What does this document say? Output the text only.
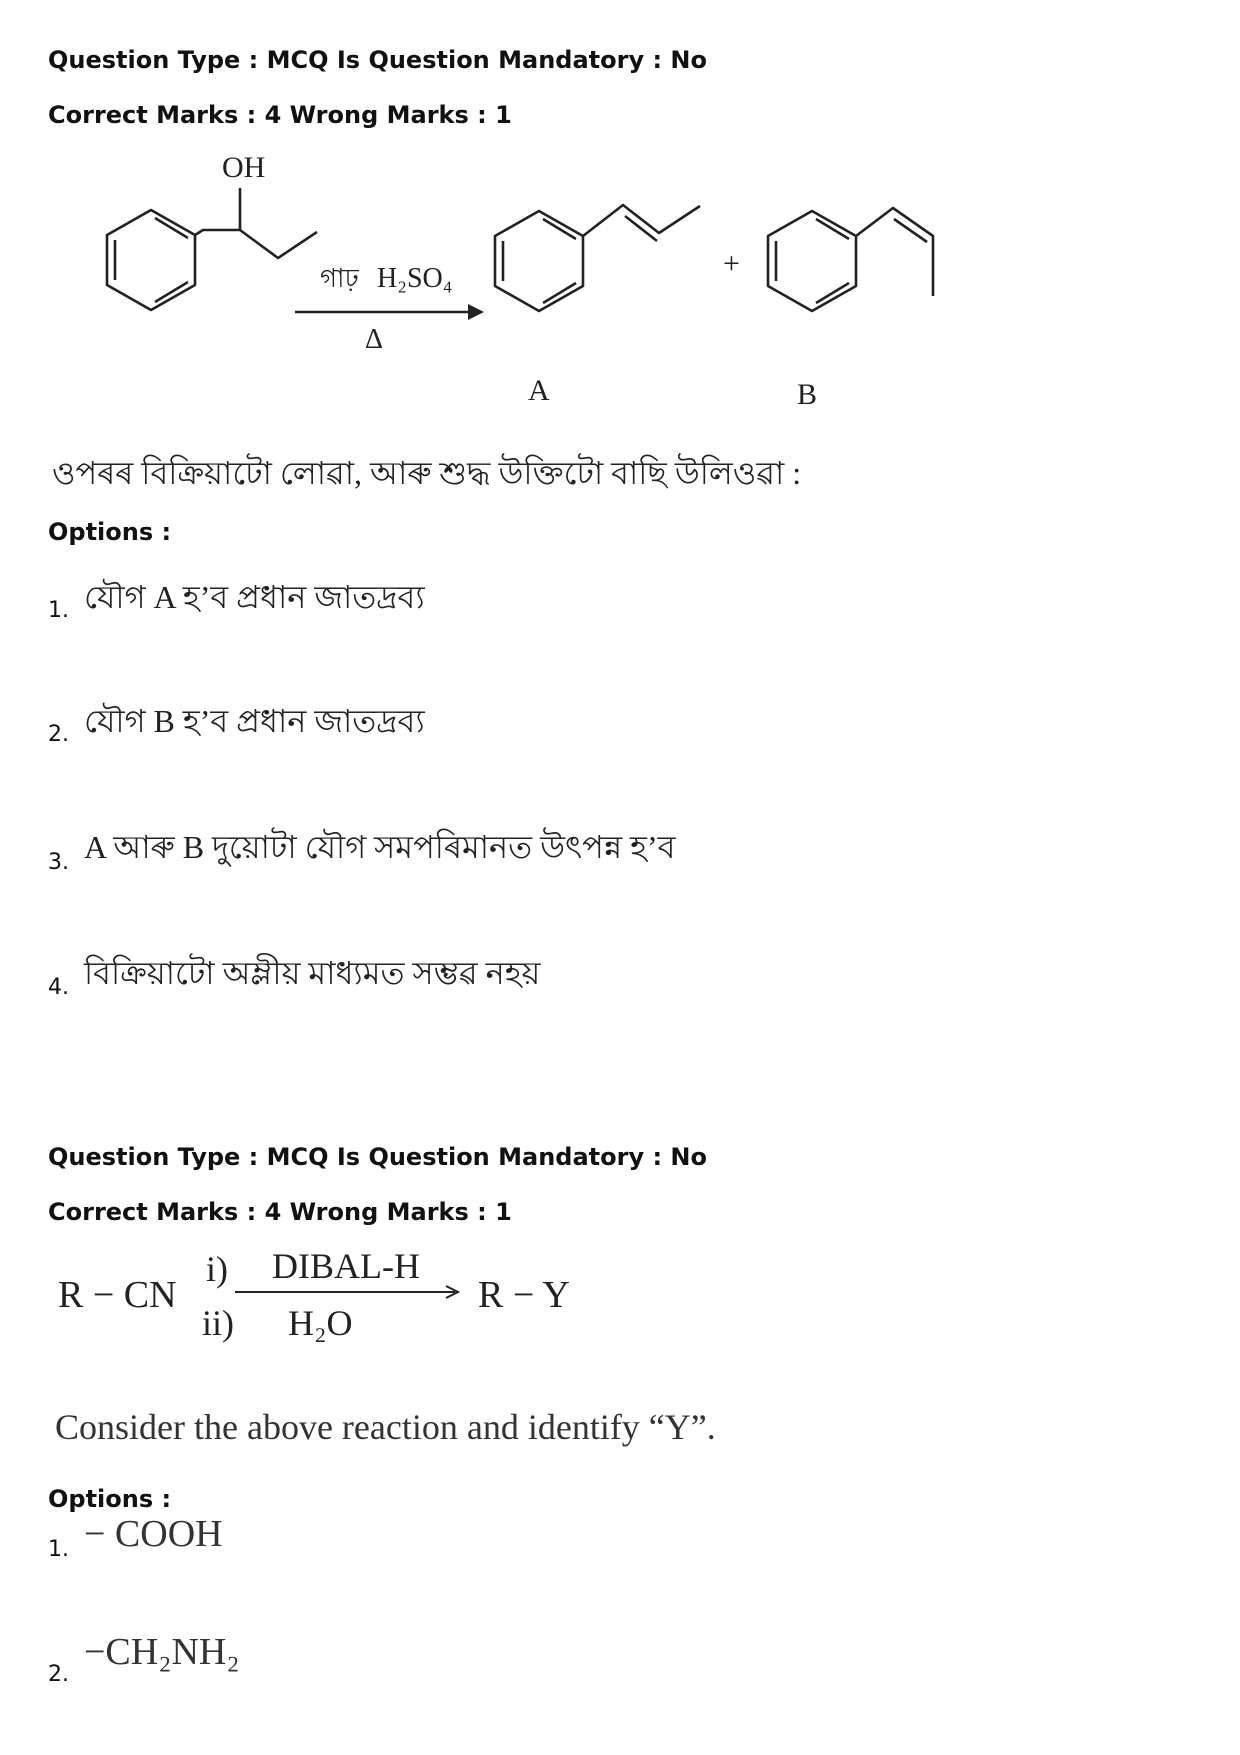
Question Type : MCQ Is Question Mandatory : No
Correct Marks : 4 Wrong Marks : 1
OH
গাঢ় H₂SO₄
Δ
+
A	B
ওপৰৰ বিক্রিয়াটো লোৱা, আৰু শুদ্ধ উক্তিটো বাছি উলিওৱা :
Options :
1. যৌগ A হ’ব প্ৰধান জাতদ্রব্য
2. যৌগ B হ’ব প্ৰধান জাতদ্রব্য
3. A আৰু B দুয়োটা যৌগ সমপৰিমানত উৎপন্ন হ’ব
4. বিক্রিয়াটো অম্লীয় মাধ্যমত সম্ভৱ নহয়
Question Type : MCQ Is Question Mandatory : No
Correct Marks : 4 Wrong Marks : 1
R − CN
i) DIBAL-H
ii) H₂O
R − Y
Consider the above reaction and identify “Y”.
Options :
1. − COOH
2.
−CH₂NH₂
